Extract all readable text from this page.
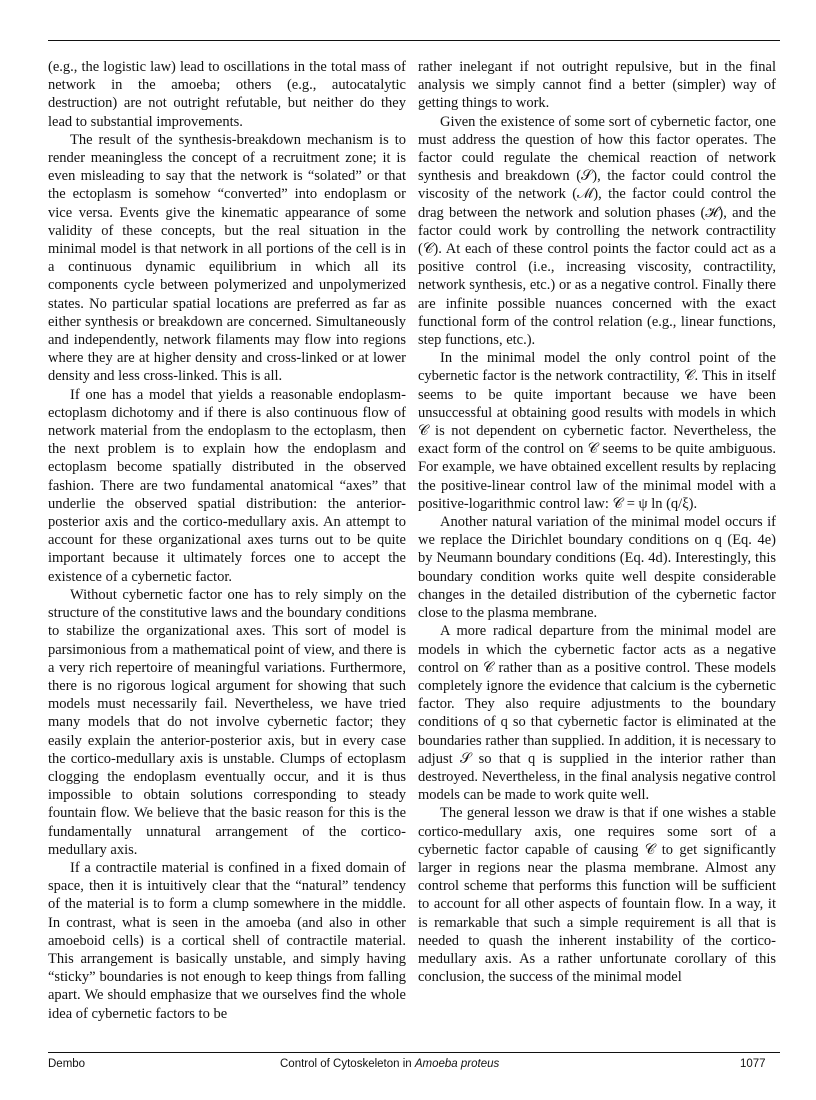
(e.g., the logistic law) lead to oscillations in the total mass of network in the amoeba; others (e.g., autocatalytic destruction) are not outright refutable, but neither do they lead to substantial improvements.

The result of the synthesis-breakdown mechanism is to render meaningless the concept of a recruitment zone; it is even misleading to say that the network is “solated” or that the ectoplasm is somehow “converted” into endoplasm or vice versa. Events give the kinematic appearance of some validity of these concepts, but the real situation in the minimal model is that network in all portions of the cell is in a continuous dynamic equilibrium in which all its components cycle between polymerized and unpolymerized states. No particular spatial locations are preferred as far as either synthesis or breakdown are concerned. Simultaneously and independently, network filaments may flow into regions where they are at higher density and cross-linked or at lower density and less cross-linked. This is all.

If one has a model that yields a reasonable endoplasm-ectoplasm dichotomy and if there is also continuous flow of network material from the endoplasm to the ectoplasm, then the next problem is to explain how the endoplasm and ectoplasm become spatially distributed in the observed fashion. There are two fundamental anatomical “axes” that underlie the observed spatial distribution: the anterior-posterior axis and the cortico-medullary axis. An attempt to account for these organizational axes turns out to be quite important because it ultimately forces one to accept the existence of a cybernetic factor.

Without cybernetic factor one has to rely simply on the structure of the constitutive laws and the boundary conditions to stabilize the organizational axes. This sort of model is parsimonious from a mathematical point of view, and there is a very rich repertoire of meaningful variations. Furthermore, there is no rigorous logical argument for showing that such models must necessarily fail. Nevertheless, we have tried many models that do not involve cybernetic factor; they easily explain the anterior-posterior axis, but in every case the cortico-medullary axis is unstable. Clumps of ectoplasm clogging the endoplasm eventually occur, and it is thus impossible to obtain solutions corresponding to steady fountain flow. We believe that the basic reason for this is the fundamentally unnatural arrangement of the cortico-medullary axis.

If a contractile material is confined in a fixed domain of space, then it is intuitively clear that the “natural” tendency of the material is to form a clump somewhere in the middle. In contrast, what is seen in the amoeba (and also in other amoeboid cells) is a cortical shell of contractile material. This arrangement is basically unstable, and simply having “sticky” boundaries is not enough to keep things from falling apart. We should emphasize that we ourselves find the whole idea of cybernetic factors to be

rather inelegant if not outright repulsive, but in the final analysis we simply cannot find a better (simpler) way of getting things to work.

Given the existence of some sort of cybernetic factor, one must address the question of how this factor operates. The factor could regulate the chemical reaction of network synthesis and breakdown (𝒮), the factor could control the viscosity of the network (ℳ), the factor could control the drag between the network and solution phases (ℋ), and the factor could work by controlling the network contractility (𝒞). At each of these control points the factor could act as a positive control (i.e., increasing viscosity, contractility, network synthesis, etc.) or as a negative control. Finally there are infinite possible nuances concerned with the exact functional form of the control relation (e.g., linear functions, step functions, etc.).

In the minimal model the only control point of the cybernetic factor is the network contractility, 𝒞. This in itself seems to be quite important because we have been unsuccessful at obtaining good results with models in which 𝒞 is not dependent on cybernetic factor. Nevertheless, the exact form of the control on 𝒞 seems to be quite ambiguous. For example, we have obtained excellent results by replacing the positive-linear control law of the minimal model with a positive-logarithmic control law: 𝒞 = ψ ln (q/ξ).

Another natural variation of the minimal model occurs if we replace the Dirichlet boundary conditions on q (Eq. 4e) by Neumann boundary conditions (Eq. 4d). Interestingly, this boundary condition works quite well despite considerable changes in the detailed distribution of the cybernetic factor close to the plasma membrane.

A more radical departure from the minimal model are models in which the cybernetic factor acts as a negative control on 𝒞 rather than as a positive control. These models completely ignore the evidence that calcium is the cybernetic factor. They also require adjustments to the boundary conditions of q so that cybernetic factor is eliminated at the boundaries rather than supplied. In addition, it is necessary to adjust 𝒮 so that q is supplied in the interior rather than destroyed. Nevertheless, in the final analysis negative control models can be made to work quite well.

The general lesson we draw is that if one wishes a stable cortico-medullary axis, one requires some sort of a cybernetic factor capable of causing 𝒞 to get significantly larger in regions near the plasma membrane. Almost any control scheme that performs this function will be sufficient to account for all other aspects of fountain flow. In a way, it is remarkable that such a simple requirement is all that is needed to quash the inherent instability of the cortico-medullary axis. As a rather unfortunate corollary of this conclusion, the success of the minimal model

Dembo	Control of Cytoskeleton in Amoeba proteus	1077
